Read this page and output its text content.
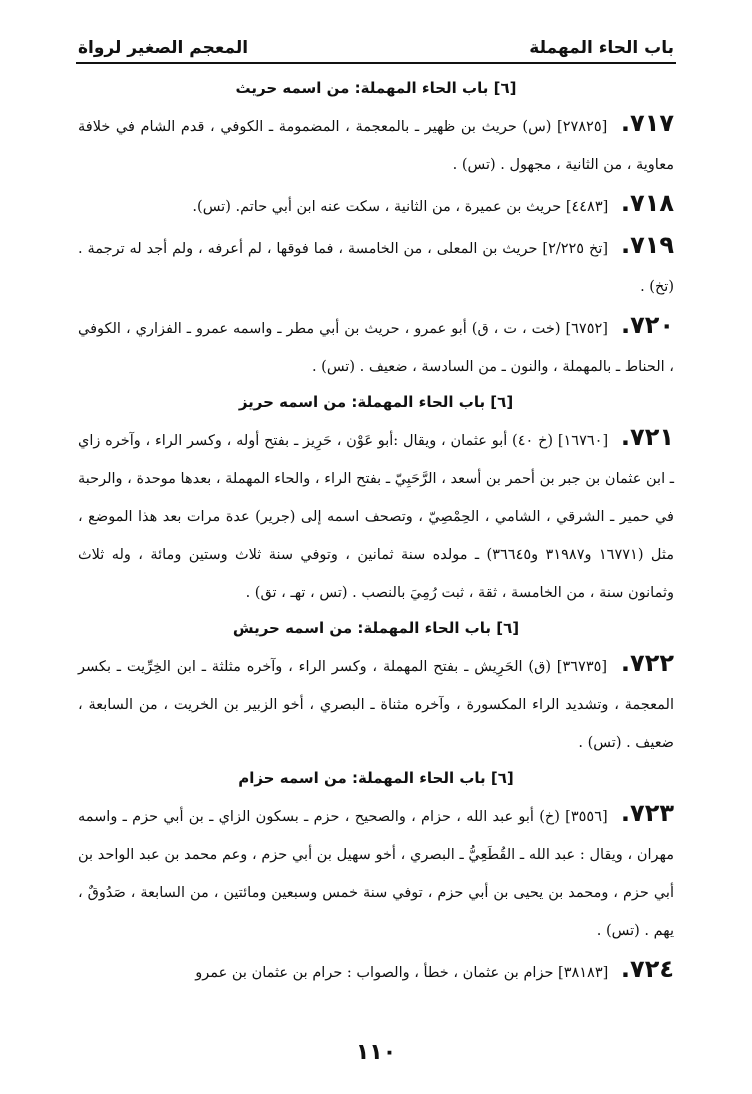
باب الحاء المهملة
المعجم الصغير لرواة

[٦] باب الحاء المهملة: من اسمه حريث

٧١٧. [٢٧٨٢٥] (س) حريث بن ظهير ـ بالمعجمة ، المضمومة ـ الكوفي ، قدم الشام في خلافة معاوية ، من الثانية ، مجهول . (تس) .

٧١٨. [٤٤٨٣] حريث بن عميرة ، من الثانية ، سكت عنه ابن أبي حاتم. (تس).

٧١٩. [تخ ٢/٢٢٥] حريث بن المعلى ، من الخامسة ، فما فوقها ، لم أعرفه ، ولم أجد له ترجمة . (تخ) .

٧٢٠. [٦٧٥٢] (خت ، ت ، ق) أبو عمرو ، حريث بن أبي مطر ـ واسمه عمرو ـ الفزاري ، الكوفي ، الحناط ـ بالمهملة ، والنون ـ من السادسة ، ضعيف . (تس) .

[٦] باب الحاء المهملة: من اسمه حريز

٧٢١. [١٦٧٦٠] (خ ٤٠) أبو عثمان ، ويقال :أبو عَوْن ، حَرِيز ـ بفتح أوله ، وكسر الراء ، وآخره زاي ـ ابن عثمان بن جبر بن أحمر بن أسعد ، الرَّحَبِيّ ـ بفتح الراء ، والحاء المهملة ، بعدها موحدة ، والرحبة في حمير ـ الشرقي ، الشامي ، الحِمْصِيّ ، وتصحف اسمه إلى (جرير) عدة مرات بعد هذا الموضع ، مثل (١٦٧٧١ و٣١٩٨٧ و٣٦٦٤٥) ـ مولده سنة ثمانين ، وتوفي سنة ثلاث وستين ومائة ، وله ثلاث وثمانون سنة ، من الخامسة ، ثقة ، ثبت رُمِيَ بالنصب . (تس ، تهـ ، تق) .

[٦] باب الحاء المهملة: من اسمه حريش

٧٢٢. [٣٦٧٣٥] (ق) الحَرِيش ـ بفتح المهملة ، وكسر الراء ، وآخره مثلثة ـ ابن الخِرِّيت ـ بكسر المعجمة ، وتشديد الراء المكسورة ، وآخره مثناة ـ البصري ، أخو الزبير بن الخريت ، من السابعة ، ضعيف . (تس) .

[٦] باب الحاء المهملة: من اسمه حزام

٧٢٣. [٣٥٥٦] (خ) أبو عبد الله ، حزام ، والصحيح ، حزم ـ بسكون الزاي ـ بن أبي حزم ـ واسمه مهران ، ويقال : عبد الله ـ القُطَعِيُّ ـ البصري ، أخو سهيل بن أبي حزم ، وعم محمد بن عبد الواحد بن أبي حزم ، ومحمد بن يحيى بن أبي حزم ، توفي سنة خمس وسبعين ومائتين ، من السابعة ، صَدُوقٌ ، يهم . (تس) .

٧٢٤. [٣٨١٨٣] حزام بن عثمان ، خطأ ، والصواب : حرام بن عثمان بن عمرو

١١٠
